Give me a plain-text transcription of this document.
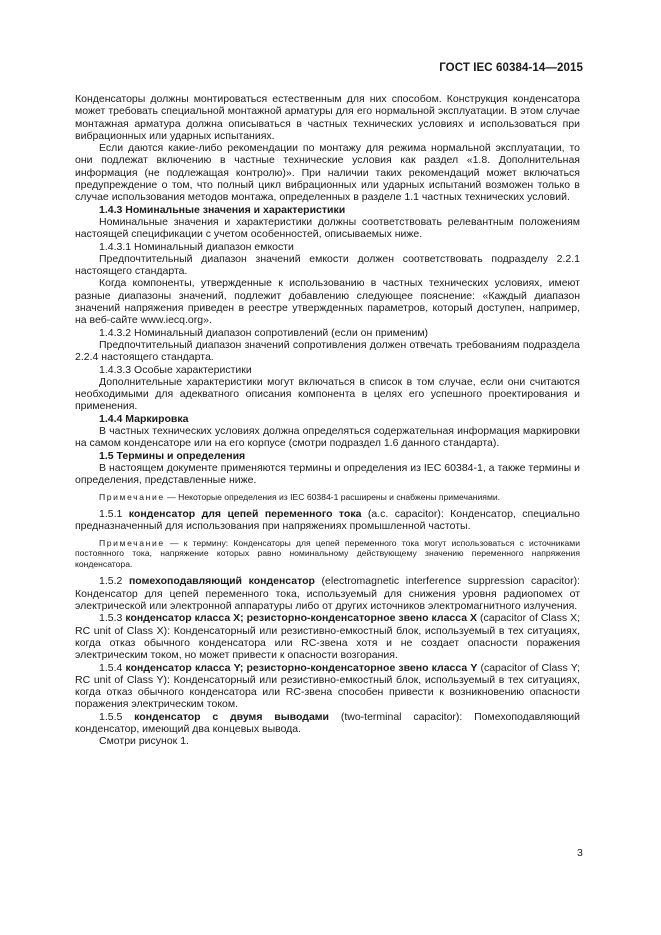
ГОСТ IEC 60384-14—2015

Конденсаторы должны монтироваться естественным для них способом. Конструкция конденсатора может требовать специальной монтажной арматуры для его нормальной эксплуатации. В этом случае монтажная арматура должна описываться в частных технических условиях и использоваться при вибрационных или ударных испытаниях.

Если даются какие-либо рекомендации по монтажу для режима нормальной эксплуатации, то они подлежат включению в частные технические условия как раздел «1.8. Дополнительная информация (не подлежащая контролю)». При наличии таких рекомендаций может включаться предупреждение о том, что полный цикл вибрационных или ударных испытаний возможен только в случае использования методов монтажа, определенных в разделе 1.1 частных технических условий.

1.4.3 Номинальные значения и характеристики

Номинальные значения и характеристики должны соответствовать релевантным положениям настоящей спецификации с учетом особенностей, описываемых ниже.

1.4.3.1 Номинальный диапазон емкости

Предпочтительный диапазон значений емкости должен соответствовать подразделу 2.2.1 настоящего стандарта.

Когда компоненты, утвержденные к использованию в частных технических условиях, имеют разные диапазоны значений, подлежит добавлению следующее пояснение: «Каждый диапазон значений напряжения приведен в реестре утвержденных параметров, который доступен, например, на веб-сайте www.iecq.org».

1.4.3.2 Номинальный диапазон сопротивлений (если он применим)

Предпочтительный диапазон значений сопротивления должен отвечать требованиям подраздела 2.2.4 настоящего стандарта.

1.4.3.3 Особые характеристики

Дополнительные характеристики могут включаться в список в том случае, если они считаются необходимыми для адекватного описания компонента в целях его успешного проектирования и применения.

1.4.4 Маркировка

В частных технических условиях должна определяться содержательная информация маркировки на самом конденсаторе или на его корпусе (смотри подраздел 1.6 данного стандарта).

1.5 Термины и определения

В настоящем документе применяются термины и определения из IEC 60384-1, а также термины и определения, представленные ниже.

Примечание — Некоторые определения из IEC 60384-1 расширены и снабжены примечаниями.

1.5.1 конденсатор для цепей переменного тока (a.c. capacitor): Конденсатор, специально предназначенный для использования при напряжениях промышленной частоты.

Примечание — к термину: Конденсаторы для цепей переменного тока могут использоваться с источниками постоянного тока, напряжение которых равно номинальному действующему значению переменного напряжения конденсатора.

1.5.2 помехоподавляющий конденсатор (electromagnetic interference suppression capacitor): Конденсатор для цепей переменного тока, используемый для снижения уровня радиопомех от электрической или электронной аппаратуры либо от других источников электромагнитного излучения.

1.5.3 конденсатор класса X; резисторно-конденсаторное звено класса X (capacitor of Class X; RC unit of Class X): Конденсаторный или резистивно-емкостный блок, используемый в тех ситуациях, когда отказ обычного конденсатора или RC-звена хотя и не создает опасности поражения электрическим током, но может привести к опасности возгорания.

1.5.4 конденсатор класса Y; резисторно-конденсаторное звено класса Y (capacitor of Class Y; RC unit of Class Y): Конденсаторный или резистивно-емкостный блок, используемый в тех ситуациях, когда отказ обычного конденсатора или RC-звена способен привести к возникновению опасности поражения электрическим током.

1.5.5 конденсатор с двумя выводами (two-terminal capacitor): Помехоподавляющий конденсатор, имеющий два концевых вывода.

Смотри рисунок 1.

3
